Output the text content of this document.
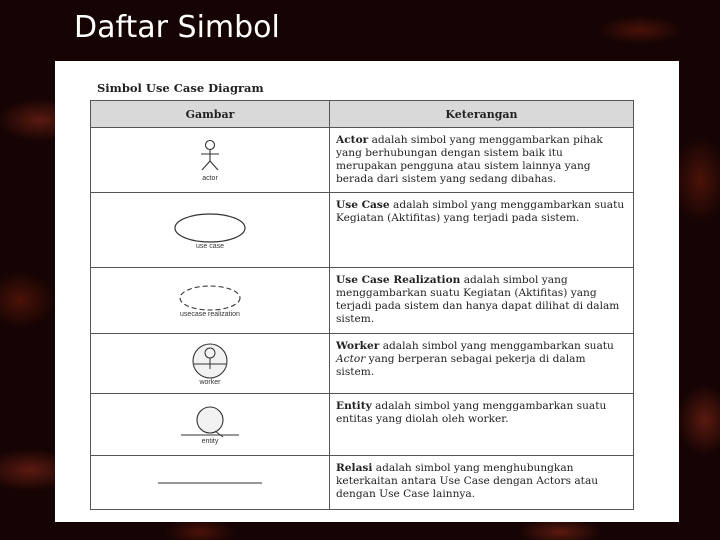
Daftar Simbol
Simbol Use Case Diagram
Gambar	Keterangan

actor	Actor adalah simbol yang menggambarkan pihak yang berhubungan dengan sistem baik itu merupakan pengguna atau sistem lainnya yang berada dari sistem yang sedang dibahas.

use case	Use Case adalah simbol yang menggambarkan suatu Kegiatan (Aktifitas) yang terjadi pada sistem.

usecase realization	Use Case Realization adalah simbol yang menggambarkan suatu Kegiatan (Aktifitas) yang terjadi pada sistem dan hanya dapat dilihat di dalam sistem.

worker	Worker adalah simbol yang menggambarkan suatu Actor yang berperan sebagai pekerja di dalam sistem.

entity	Entity adalah simbol yang menggambarkan suatu entitas yang diolah oleh worker.

	Relasi adalah simbol yang menghubungkan keterkaitan antara Use Case dengan Actors atau dengan Use Case lainnya.
